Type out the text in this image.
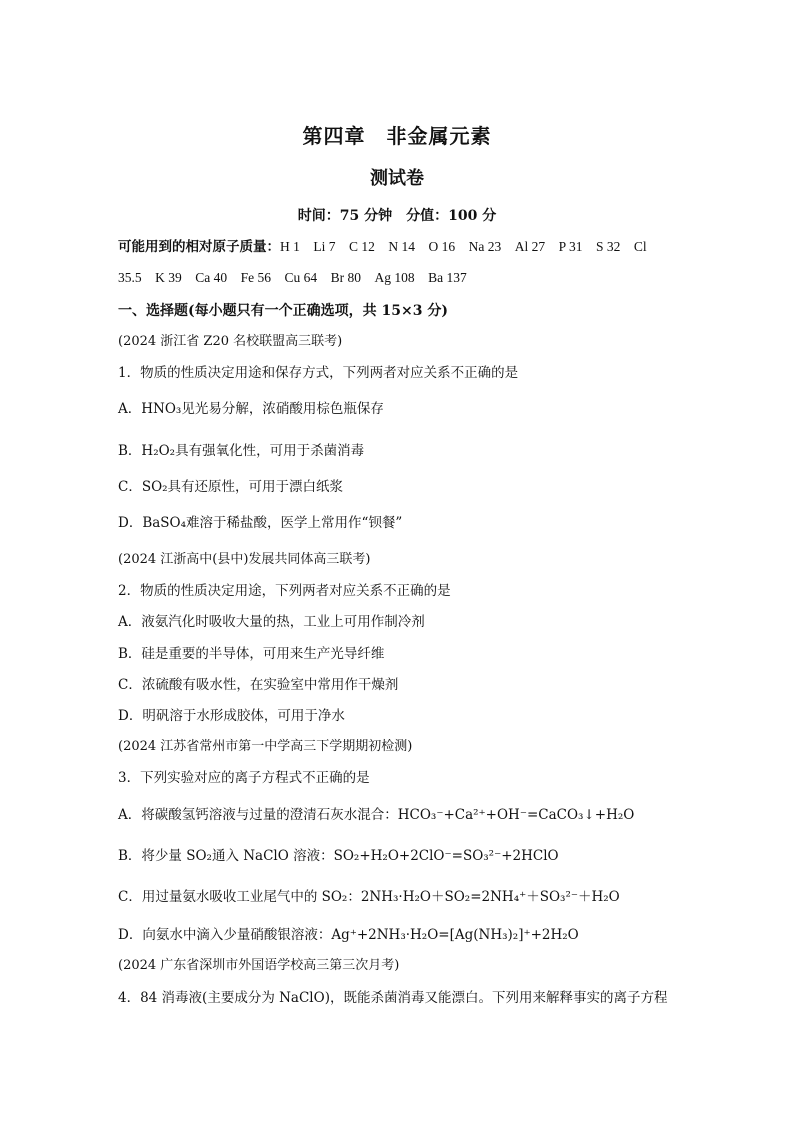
第四章　非金属元素
测试卷
时间：75 分钟　分值：100 分
可能用到的相对原子质量：H 1　Li 7　C 12　N 14　O 16　Na 23　Al 27　P 31　S 32　Cl
35.5　K 39　Ca 40　Fe 56　Cu 64　Br 80　Ag 108　Ba 137
一、选择题(每小题只有一个正确选项，共 15×3 分)
(2024 浙江省 Z20 名校联盟高三联考)
1．物质的性质决定用途和保存方式，下列两者对应关系不正确的是
A．HNO₃见光易分解，浓硝酸用棕色瓶保存
B．H₂O₂具有强氧化性，可用于杀菌消毒
C．SO₂具有还原性，可用于漂白纸浆
D．BaSO₄难溶于稀盐酸，医学上常用作“钡餐”
(2024 江浙高中(县中)发展共同体高三联考)
2．物质的性质决定用途，下列两者对应关系不正确的是
A．液氨汽化时吸收大量的热，工业上可用作制冷剂
B．硅是重要的半导体，可用来生产光导纤维
C．浓硫酸有吸水性，在实验室中常用作干燥剂
D．明矾溶于水形成胶体，可用于净水
(2024 江苏省常州市第一中学高三下学期期初检测)
3．下列实验对应的离子方程式不正确的是
A．将碳酸氢钙溶液与过量的澄清石灰水混合：HCO₃⁻+Ca²⁺+OH⁻=CaCO₃↓+H₂O
B．将少量 SO₂通入 NaClO 溶液：SO₂+H₂O+2ClO⁻=SO₃²⁻+2HClO
C．用过量氨水吸收工业尾气中的 SO₂：2NH₃·H₂O＋SO₂=2NH₄⁺＋SO₃²⁻＋H₂O
D．向氨水中滴入少量硝酸银溶液：Ag⁺+2NH₃·H₂O=[Ag(NH₃)₂]⁺+2H₂O
(2024 广东省深圳市外国语学校高三第三次月考)
4．84 消毒液(主要成分为 NaClO)，既能杀菌消毒又能漂白。下列用来解释事实的离子方程
